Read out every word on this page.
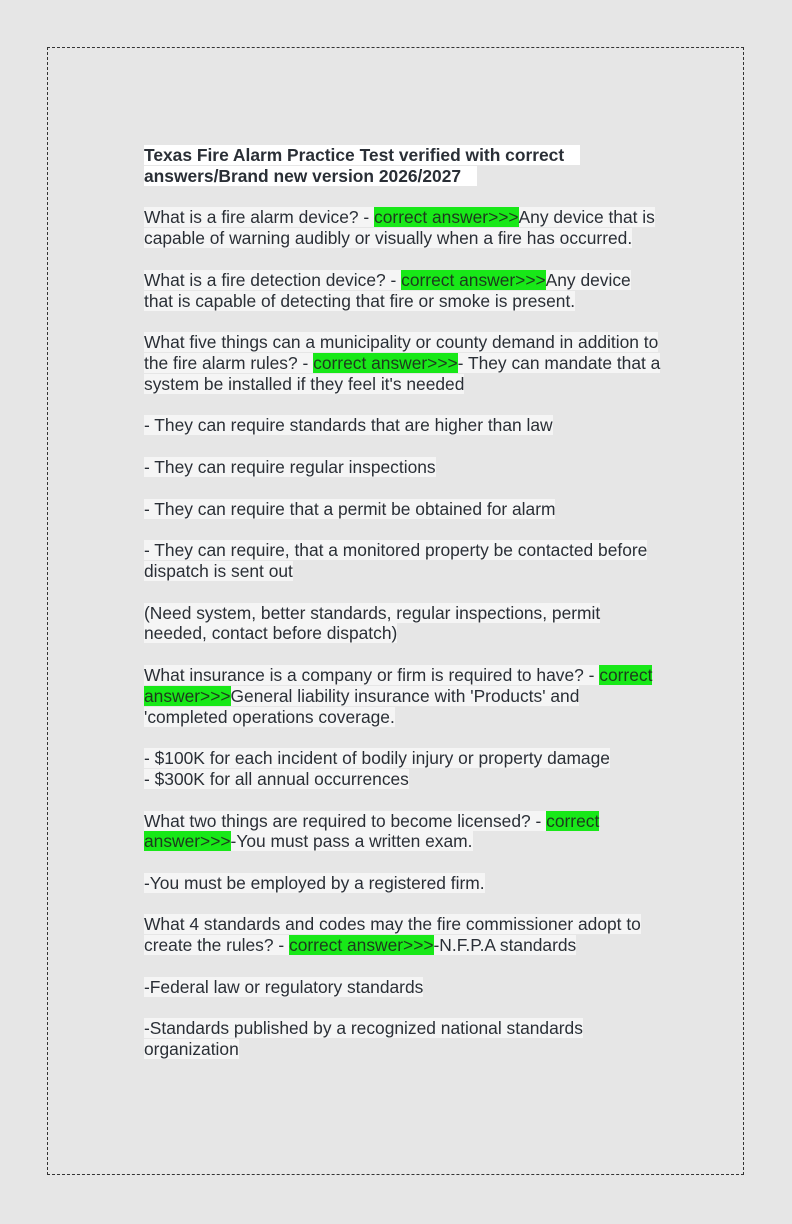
Texas Fire Alarm Practice Test verified with correct
answers/Brand new version 2026/2027
What is a fire alarm device? - correct answer>>>Any device that is capable of warning audibly or visually when a fire has occurred.
What is a fire detection device? - correct answer>>>Any device that is capable of detecting that fire or smoke is present.
What five things can a municipality or county demand in addition to the fire alarm rules? - correct answer>>>- They can mandate that a system be installed if they feel it's needed
- They can require standards that are higher than law
- They can require regular inspections
- They can require that a permit be obtained for alarm
- They can require, that a monitored property be contacted before dispatch is sent out
(Need system, better standards, regular inspections, permit needed, contact before dispatch)
What insurance is a company or firm is required to have? - correct answer>>>General liability insurance with 'Products' and 'completed operations coverage.
- $100K for each incident of bodily injury or property damage
- $300K for all annual occurrences
What two things are required to become licensed? - correct
answer>>>-You must pass a written exam.
-You must be employed by a registered firm.
What 4 standards and codes may the fire commissioner adopt to create the rules? - correct answer>>>-N.F.P.A standards
-Federal law or regulatory standards
-Standards published by a recognized national standards organization
